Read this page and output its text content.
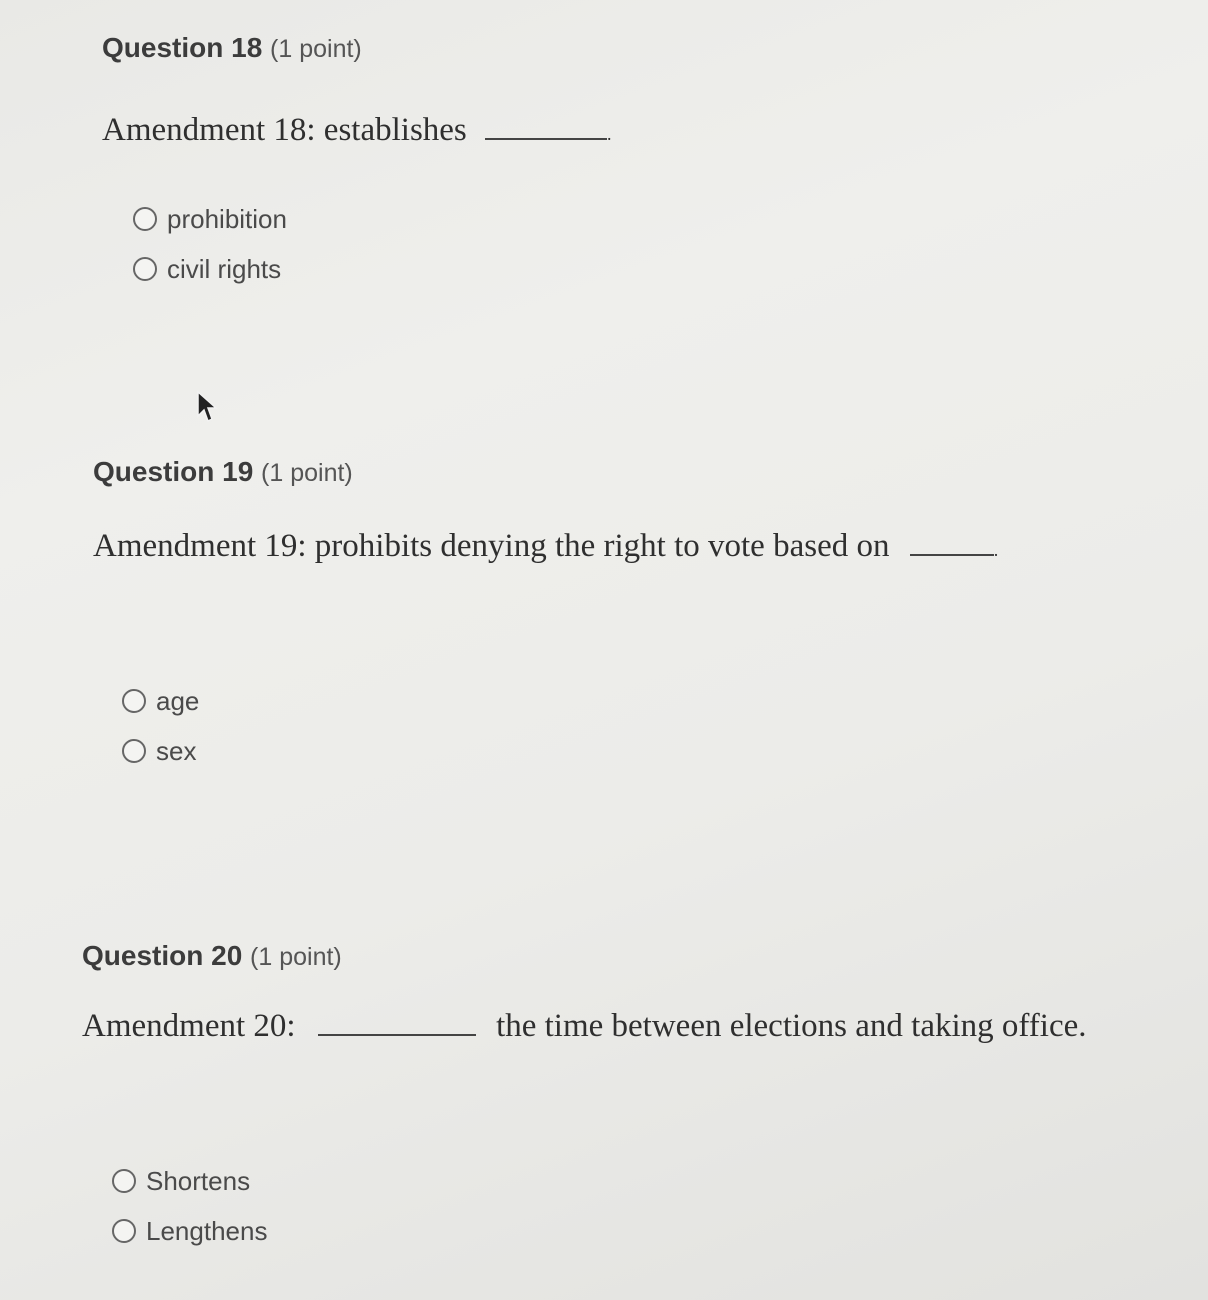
Question 18 (1 point)
Amendment 18: establishes	.
prohibition
civil rights
Question 19 (1 point)
Amendment 19: prohibits denying the right to vote based on	.
age
sex
Question 20 (1 point)
Amendment 20:	the time between elections and taking office.
Shortens
Lengthens
